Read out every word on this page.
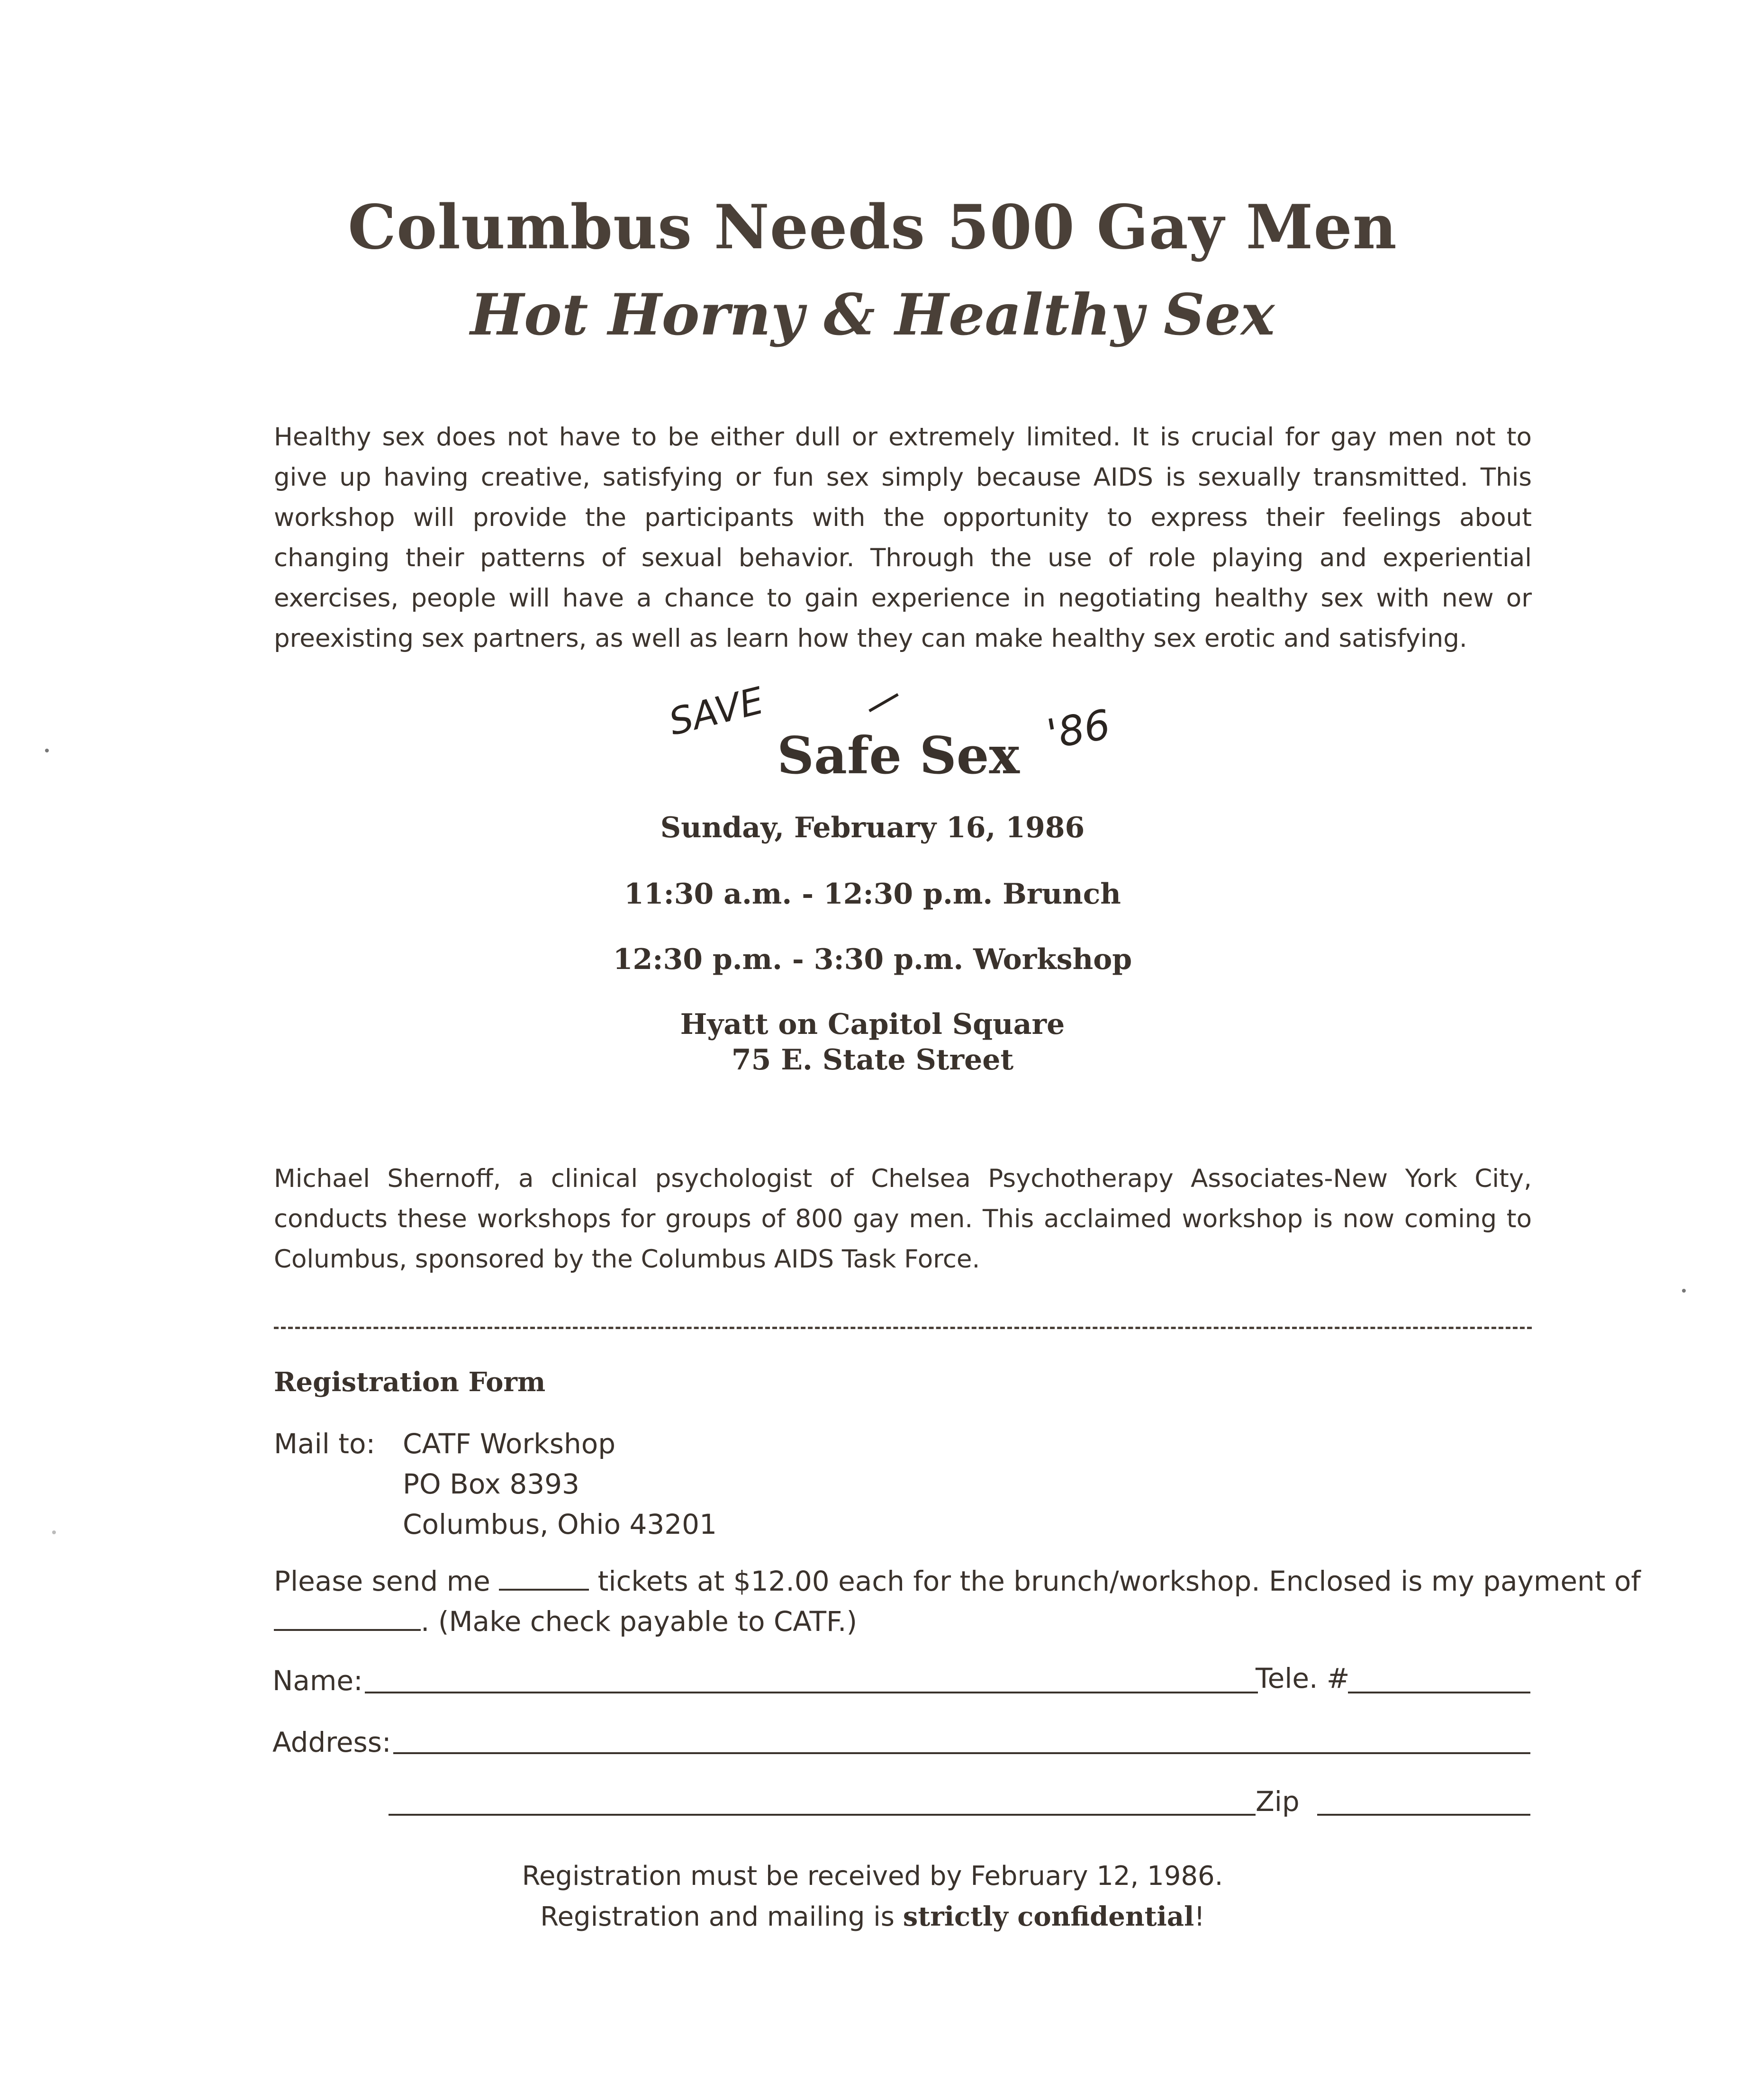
Columbus Needs 500 Gay Men
Hot Horny & Healthy Sex
Healthy sex does not have to be either dull or extremely limited. It is crucial for gay men not to give up having creative, satisfying or fun sex simply because AIDS is sexually transmitted. This workshop will provide the participants with the opportunity to express their feelings about changing their patterns of sexual behavior. Through the use of role playing and experiential exercises, people will have a chance to gain experience in negotiating healthy sex with new or preexisting sex partners, as well as learn how they can make healthy sex erotic and satisfying.
SAVE
Safe Sex '86
Sunday, February 16, 1986
11:30 a.m. - 12:30 p.m. Brunch
12:30 p.m. - 3:30 p.m. Workshop
Hyatt on Capitol Square
75 E. State Street
Michael Shernoff, a clinical psychologist of Chelsea Psychotherapy Associates-New York City, conducts these workshops for groups of 800 gay men. This acclaimed workshop is now coming to Columbus, sponsored by the Columbus AIDS Task Force.
Registration Form
Mail to: CATF Workshop
PO Box 8393
Columbus, Ohio 43201
Please send me	tickets at $12.00 each for the brunch/workshop. Enclosed is my payment of
. (Make check payable to CATF.)
Name:	Tele. #
Address:
Zip
Registration must be received by February 12, 1986.
Registration and mailing is strictly confidential!
